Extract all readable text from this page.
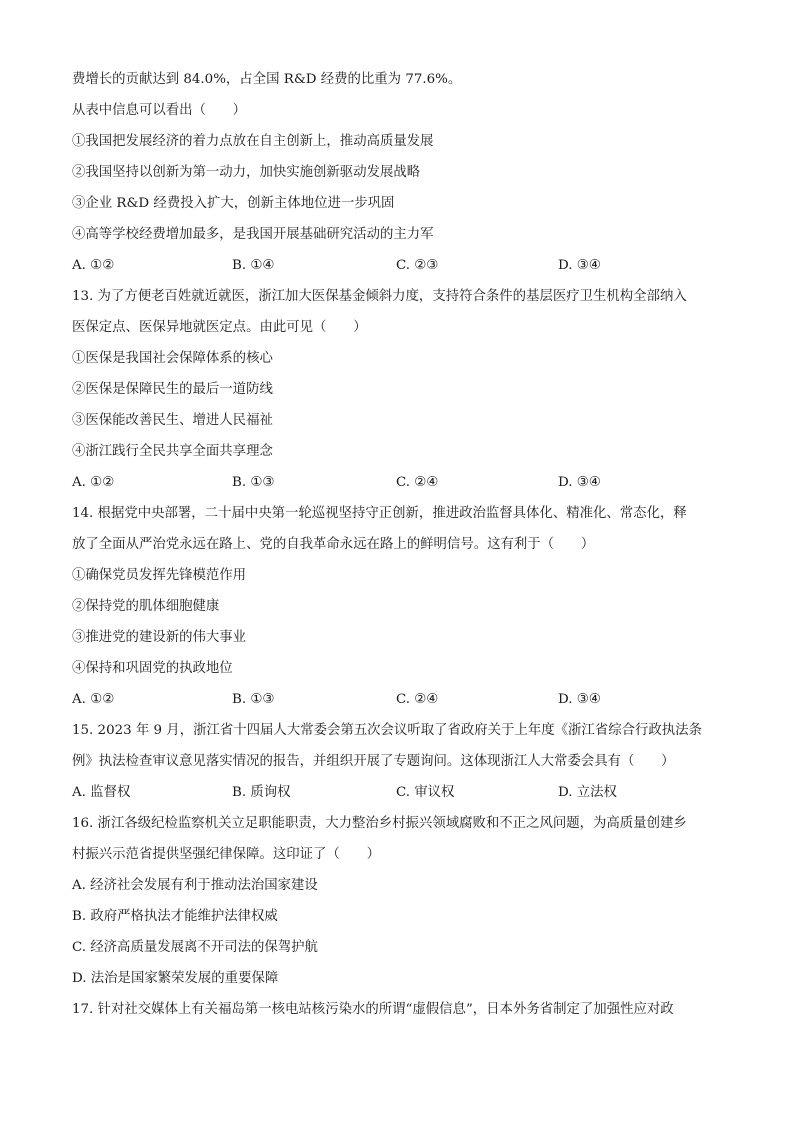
费增长的贡献达到 84.0%，占全国 R&D 经费的比重为 77.6%。
从表中信息可以看出（　　）
①我国把发展经济的着力点放在自主创新上，推动高质量发展
②我国坚持以创新为第一动力，加快实施创新驱动发展战略
③企业 R&D 经费投入扩大，创新主体地位进一步巩固
④高等学校经费增加最多，是我国开展基础研究活动的主力军
A. ①②	B. ①④	C. ②③	D. ③④
13. 为了方便老百姓就近就医，浙江加大医保基金倾斜力度，支持符合条件的基层医疗卫生机构全部纳入
医保定点、医保异地就医定点。由此可见（　　）
①医保是我国社会保障体系的核心
②医保是保障民生的最后一道防线
③医保能改善民生、增进人民福祉
④浙江践行全民共享全面共享理念
A. ①②	B. ①③	C. ②④	D. ③④
14. 根据党中央部署，二十届中央第一轮巡视坚持守正创新，推进政治监督具体化、精准化、常态化，释
放了全面从严治党永远在路上、党的自我革命永远在路上的鲜明信号。这有利于（　　）
①确保党员发挥先锋模范作用
②保持党的肌体细胞健康
③推进党的建设新的伟大事业
④保持和巩固党的执政地位
A. ①②	B. ①③	C. ②④	D. ③④
15. 2023 年 9 月，浙江省十四届人大常委会第五次会议听取了省政府关于上年度《浙江省综合行政执法条
例》执法检查审议意见落实情况的报告，并组织开展了专题询问。这体现浙江人大常委会具有（　　）
A. 监督权	B. 质询权	C. 审议权	D. 立法权
16. 浙江各级纪检监察机关立足职能职责，大力整治乡村振兴领域腐败和不正之风问题，为高质量创建乡
村振兴示范省提供坚强纪律保障。这印证了（　　）
A. 经济社会发展有利于推动法治国家建设
B. 政府严格执法才能维护法律权威
C. 经济高质量发展离不开司法的保驾护航
D. 法治是国家繁荣发展的重要保障
17. 针对社交媒体上有关福岛第一核电站核污染水的所谓“虚假信息”，日本外务省制定了加强性应对政
